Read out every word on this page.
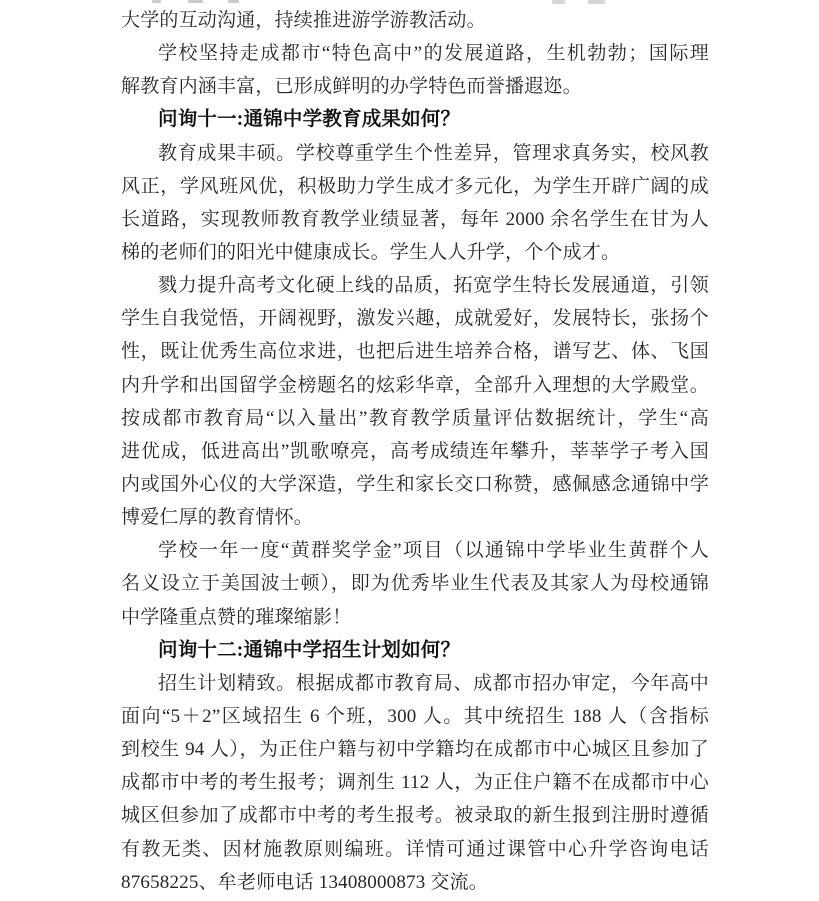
大学的互动沟通，持续推进游学游教活动。
学校坚持走成都市“特色高中”的发展道路，生机勃勃；国际理
解教育内涵丰富，已形成鲜明的办学特色而誉播遐迩。
问询十一:通锦中学教育成果如何？
教育成果丰硕。学校尊重学生个性差异，管理求真务实，校风教
风正，学风班风优，积极助力学生成才多元化，为学生开辟广阔的成
长道路，实现教师教育教学业绩显著，每年 2000 余名学生在甘为人
梯的老师们的阳光中健康成长。学生人人升学，个个成才。
戮力提升高考文化硬上线的品质，拓宽学生特长发展通道，引领
学生自我觉悟，开阔视野，激发兴趣，成就爱好，发展特长，张扬个
性，既让优秀生高位求进，也把后进生培养合格，谱写艺、体、飞国
内升学和出国留学金榜题名的炫彩华章，全部升入理想的大学殿堂。
按成都市教育局“以入量出”教育教学质量评估数据统计，学生“高
进优成，低进高出”凯歌嘹亮，高考成绩连年攀升，莘莘学子考入国
内或国外心仪的大学深造，学生和家长交口称赞，感佩感念通锦中学
博爱仁厚的教育情怀。
学校一年一度“黄群奖学金”项目（以通锦中学毕业生黄群个人
名义设立于美国波士顿），即为优秀毕业生代表及其家人为母校通锦
中学隆重点赞的璀璨缩影！
问询十二:通锦中学招生计划如何？
招生计划精致。根据成都市教育局、成都市招办审定，今年高中
面向“5＋2”区域招生 6 个班，300 人。其中统招生 188 人（含指标
到校生 94 人），为正住户籍与初中学籍均在成都市中心城区且参加了
成都市中考的考生报考；调剂生 112 人，为正住户籍不在成都市中心
城区但参加了成都市中考的考生报考。被录取的新生报到注册时遵循
有教无类、因材施教原则编班。详情可通过课管中心升学咨询电话
87658225、牟老师电话 13408000873 交流。
